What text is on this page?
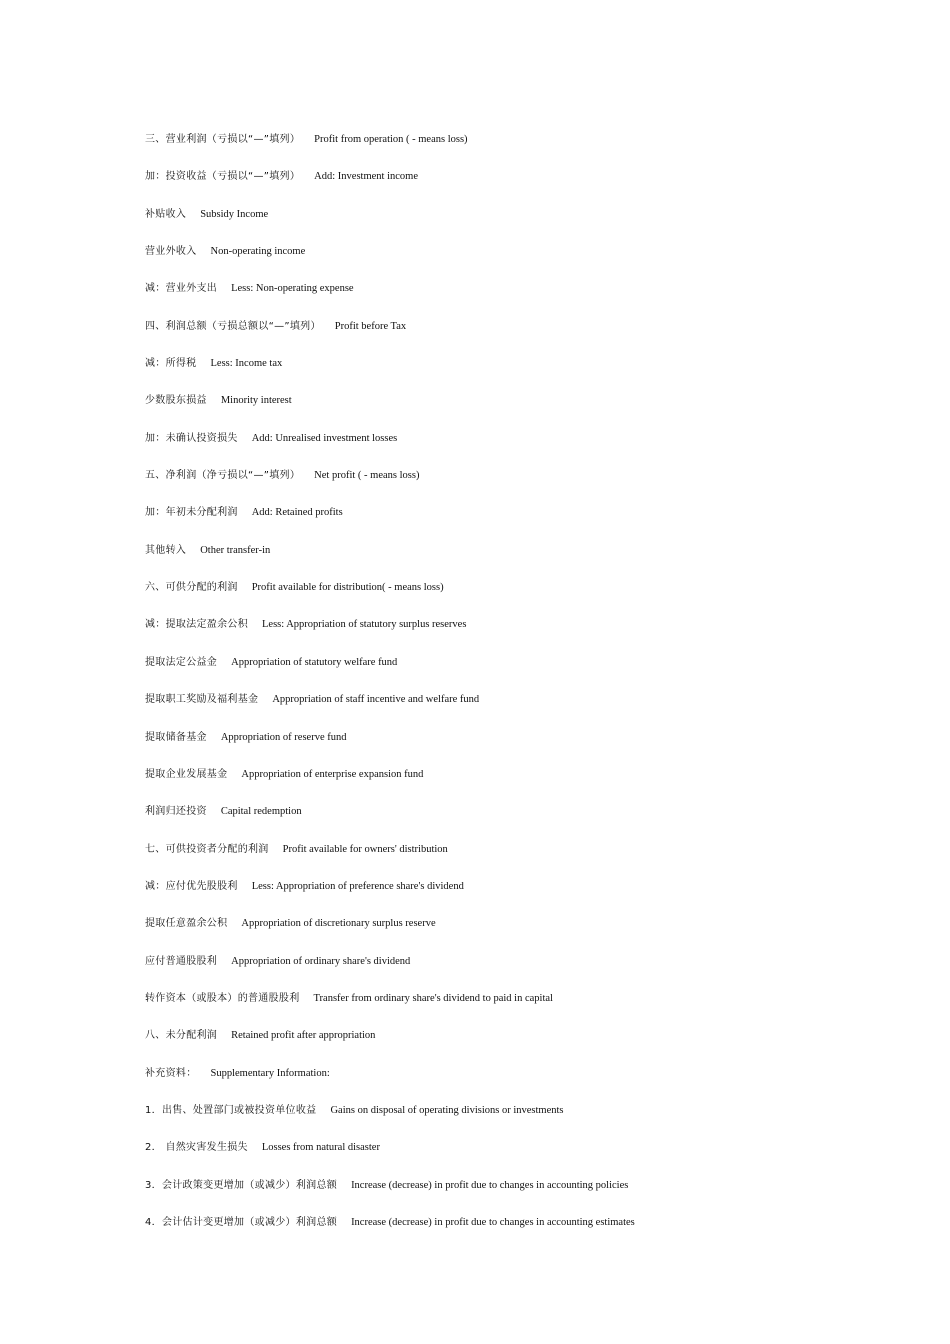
三、营业利润（亏损以“—”填列） Profit from operation ( - means loss)
加：投资收益（亏损以“—”填列） Add: Investment income
补贴收入 Subsidy Income
营业外收入 Non-operating income
减：营业外支出 Less: Non-operating expense
四、利润总额（亏损总额以“—”填列） Profit before Tax
减：所得税 Less: Income tax
少数股东损益 Minority interest
加：未确认投资损失 Add: Unrealised investment losses
五、净利润（净亏损以“—”填列） Net profit ( - means loss)
加：年初未分配利润 Add: Retained profits
其他转入 Other transfer-in
六、可供分配的利润 Profit available for distribution( - means loss)
减：提取法定盈余公积 Less: Appropriation of statutory surplus reserves
提取法定公益金 Appropriation of statutory welfare fund
提取职工奖励及福利基金 Appropriation of staff incentive and welfare fund
提取储备基金 Appropriation of reserve fund
提取企业发展基金 Appropriation of enterprise expansion fund
利润归还投资 Capital redemption
七、可供投资者分配的利润 Profit available for owners' distribution
减：应付优先股股利 Less: Appropriation of preference share's dividend
提取任意盈余公积 Appropriation of discretionary surplus reserve
应付普通股股利 Appropriation of ordinary share's dividend
转作资本（或股本）的普通股股利 Transfer from ordinary share's dividend to paid in capital
八、未分配利润 Retained profit after appropriation
补充资料： Supplementary Information:
1．出售、处置部门或被投资单位收益 Gains on disposal of operating divisions or investments
2． 自然灾害发生损失 Losses from natural disaster
3．会计政策变更增加（或减少）利润总额 Increase (decrease) in profit due to changes in accounting policies
4．会计估计变更增加（或减少）利润总额 Increase (decrease) in profit due to changes in accounting estimates
